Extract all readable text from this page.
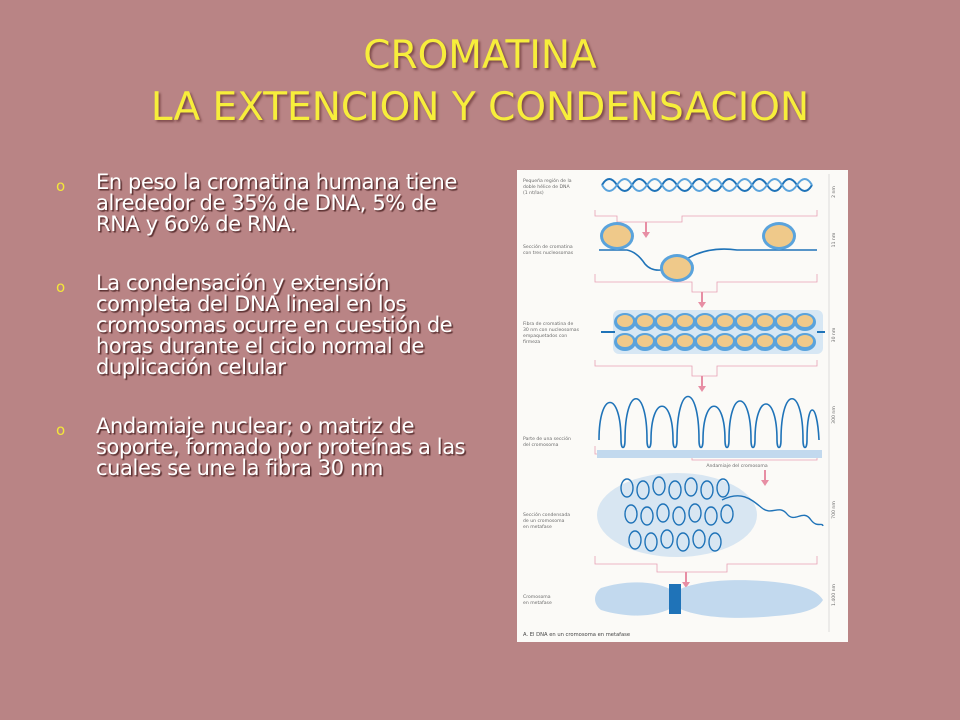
CROMATINA
LA EXTENCION Y CONDENSACION
o En peso la cromatina humana tiene alrededor de 35% de DNA, 5% de RNA y 6o% de RNA.
o La condensación y extensión completa del DNA lineal en los cromosomas ocurre en cuestión de horas durante el ciclo normal de duplicación celular
o Andamiaje nuclear; o matriz de soporte, formado por proteínas a las cuales se une la fibra 30 nm
Pequeña región de la doble hélice de DNA (1 nt/las)
Sección de cromatina con tres nucleosomas
Fibra de cromatina de 30 nm con nucleosomas empaquetados con firmeza
Parte de una sección del cromosoma
Sección condensada de un cromosoma en metafase
Cromosoma en metafase
2 nm
11 nm
30 nm
300 nm
700 nm
1.400 nm
Andamiaje del cromosoma
A. El DNA en un cromosoma en metafase
